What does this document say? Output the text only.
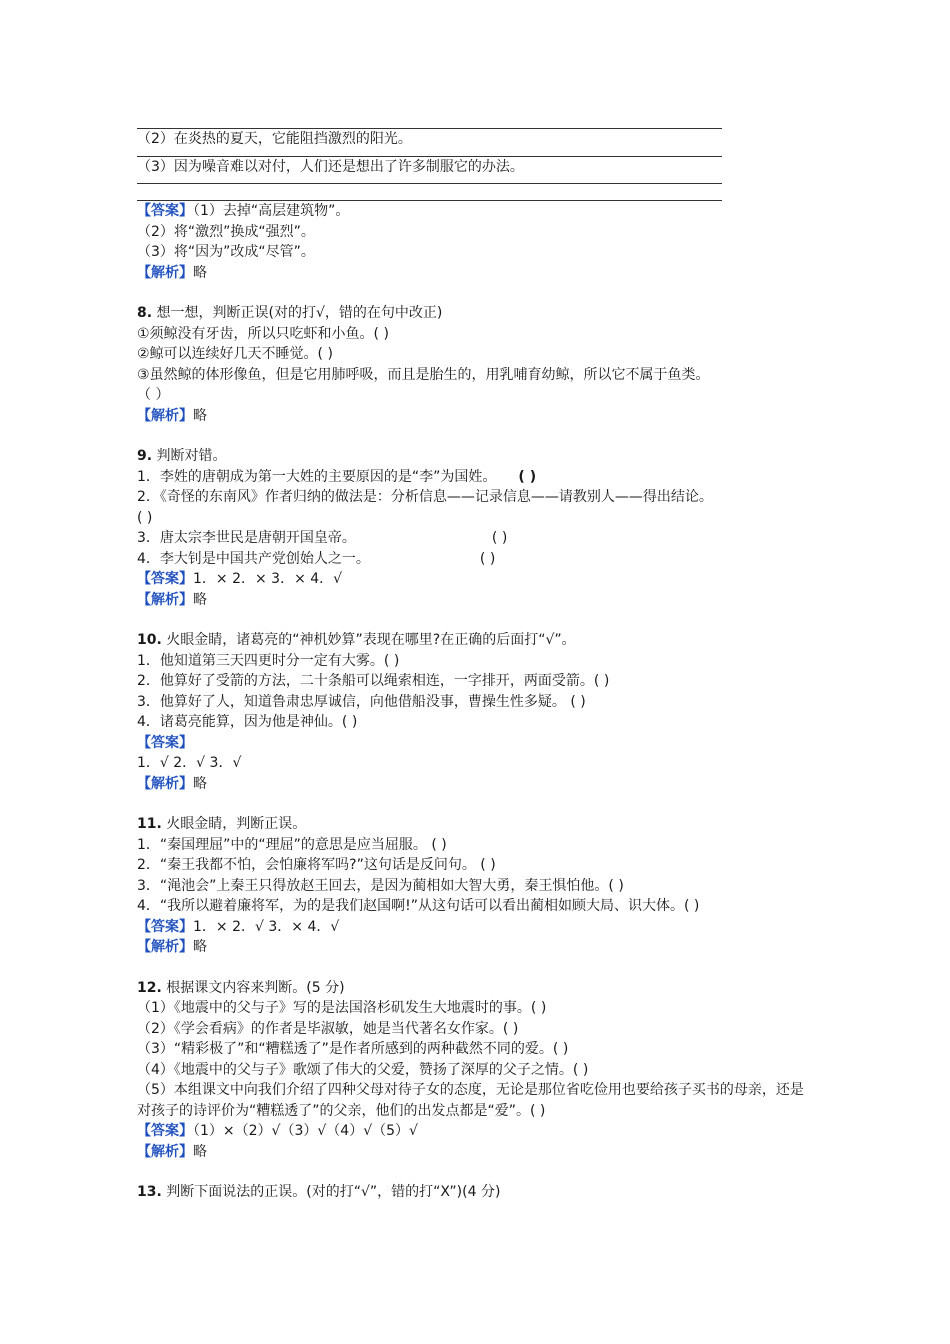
（2）在炎热的夏天，它能阻挡激烈的阳光。
（3）因为噪音难以对付，人们还是想出了许多制服它的办法。
【答案】（1）去掉“高层建筑物”。
（2）将“激烈”换成“强烈”。
（3）将“因为”改成“尽管”。
【解析】略
8. 想一想，判断正误(对的打√，错的在句中改正)
①须鲸没有牙齿，所以只吃虾和小鱼。( )
②鲸可以连续好几天不睡觉。( )
③虽然鲸的体形像鱼，但是它用肺呼吸，而且是胎生的，用乳哺育幼鲸，所以它不属于鱼类。
（ ）
【解析】略
9. 判断对错。
1．李姓的唐朝成为第一大姓的主要原因的是“李”为国姓。 ( )
2．《奇怪的东南风》作者归纳的做法是：分析信息——记录信息——请教别人——得出结论。
( )
3．唐太宗李世民是唐朝开国皇帝。	( )
4．李大钊是中国共产党创始人之一。	( )
【答案】1．× 2．× 3．× 4．√
【解析】略
10. 火眼金睛，诸葛亮的“神机妙算”表现在哪里?在正确的后面打“√”。
1．他知道第三天四更时分一定有大雾。( )
2．他算好了受箭的方法，二十条船可以绳索相连，一字排开，两面受箭。( )
3．他算好了人，知道鲁肃忠厚诚信，向他借船没事，曹操生性多疑。 ( )
4．诸葛亮能算，因为他是神仙。( )
【答案】
1．√ 2．√ 3．√
【解析】略
11. 火眼金睛，判断正误。
1．“秦国理屈”中的“理屈”的意思是应当屈服。 ( )
2．“秦王我都不怕，会怕廉将军吗?”这句话是反问句。 ( )
3．“渑池会”上秦王只得放赵王回去，是因为蔺相如大智大勇，秦王惧怕他。( )
4．“我所以避着廉将军，为的是我们赵国啊!”从这句话可以看出蔺相如顾大局、识大体。( )
【答案】1．× 2．√ 3．× 4．√
【解析】略
12. 根据课文内容来判断。(5 分)
（1）《地震中的父与子》写的是法国洛杉矶发生大地震时的事。( )
（2）《学会看病》的作者是毕淑敏，她是当代著名女作家。( )
（3）“精彩极了”和“糟糕透了”是作者所感到的两种截然不同的爱。( )
（4）《地震中的父与子》歌颂了伟大的父爱，赞扬了深厚的父子之情。( )
（5）本组课文中向我们介绍了四种父母对待子女的态度，无论是那位省吃俭用也要给孩子买书的母亲，还是对孩子的诗评价为“糟糕透了”的父亲，他们的出发点都是“爱”。( )
【答案】（1）×（2）√（3）√（4）√（5）√
【解析】略
13. 判断下面说法的正误。(对的打“√”，错的打“X”)(4 分)
